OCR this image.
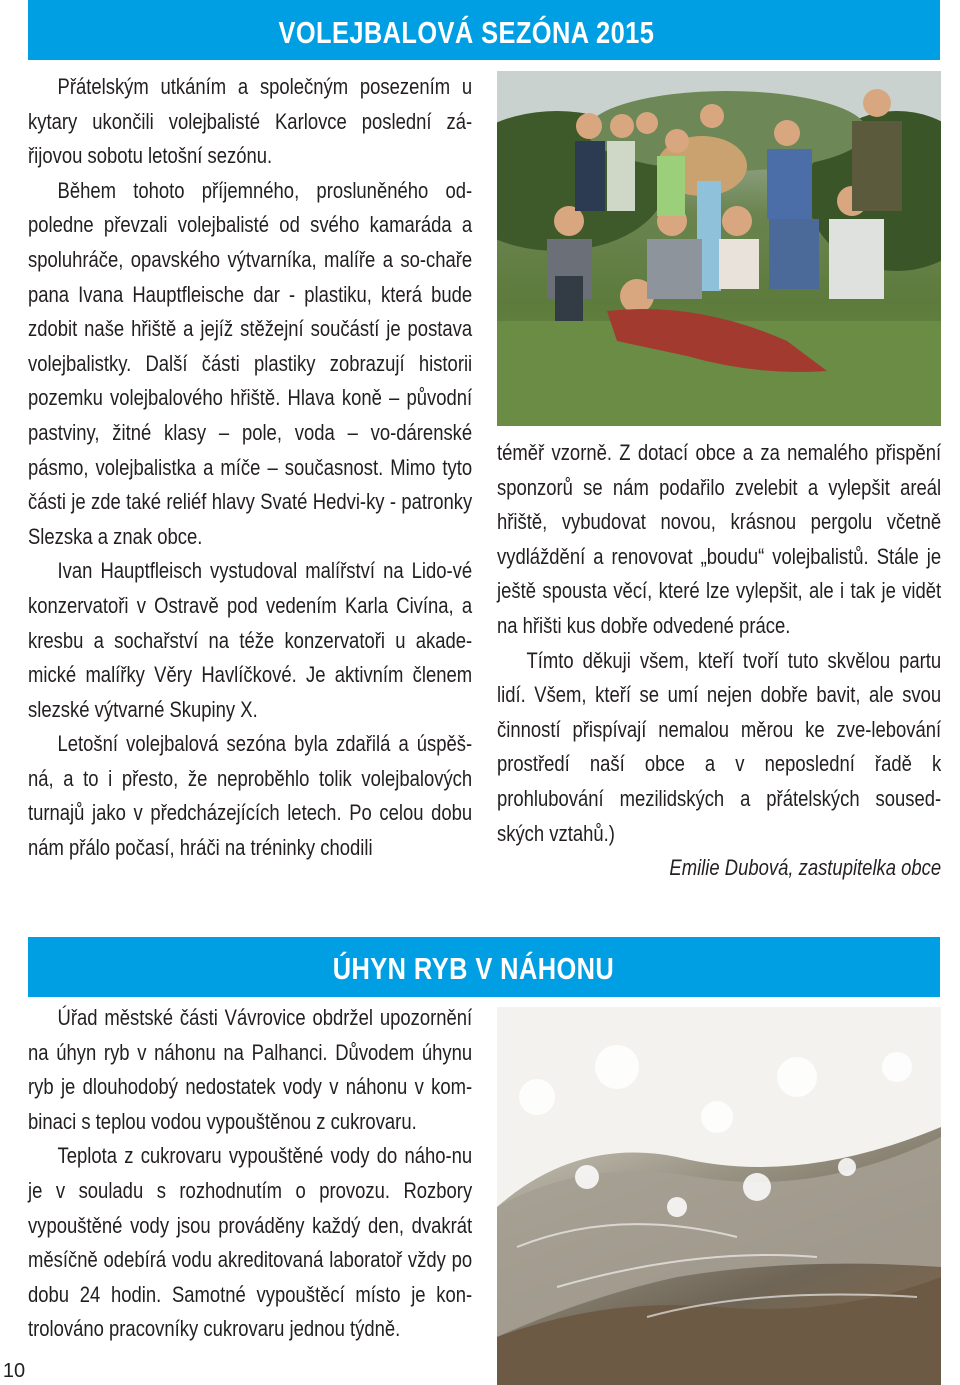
VOLEJBALOVÁ SEZÓNA 2015

Přátelským utkáním a společným posezením u kytary ukončili volejbalisté Karlovce poslední zá-řijovou sobotu letošní sezónu.

Během tohoto příjemného, prosluněného od-poledne převzali volejbalisté od svého kamaráda a spoluhráče, opavského výtvarníka, malíře a so-chaře pana Ivana Hauptfleische dar - plastiku, která bude zdobit naše hřiště a jejíž stěžejní součástí je postava volejbalistky. Další části plastiky zobrazují historii pozemku volejbalového hřiště. Hlava koně – původní pastviny, žitné klasy – pole, voda – vo-dárenské pásmo, volejbalistka a míče – současnost. Mimo tyto části je zde také reliéf hlavy Svaté Hedvi-ky - patronky Slezska a znak obce.

Ivan Hauptfleisch vystudoval malířství na Lido-vé konzervatoři v Ostravě pod vedením Karla Civína, a kresbu a sochařství na téže konzervatoři u akade-mické malířky Věry Havlíčkové. Je aktivním členem slezské výtvarné Skupiny X.

Letošní volejbalová sezóna byla zdařilá a úspěš-ná, a to i přesto, že neproběhlo tolik volejbalových turnajů jako v předcházejících letech. Po celou dobu nám přálo počasí, hráči na tréninky chodili

téměř vzorně. Z dotací obce a za nemalého přispění sponzorů se nám podařilo zvelebit a vylepšit areál hřiště, vybudovat novou, krásnou pergolu včetně vydláždění a renovovat „boudu“ volejbalistů. Stále je ještě spousta věcí, které lze vylepšit, ale i tak je vidět na hřišti kus dobře odvedené práce.

Tímto děkuji všem, kteří tvoří tuto skvělou partu lidí. Všem, kteří se umí nejen dobře bavit, ale svou činností přispívají nemalou měrou ke zve-lebování prostředí naší obce a v neposlední řadě k prohlubování mezilidských a přátelských soused-ských vztahů.)

Emilie Dubová, zastupitelka obce

ÚHYN RYB V NÁHONU

Úřad městské části Vávrovice obdržel upozornění na úhyn ryb v náhonu na Palhanci. Důvodem úhynu ryb je dlouhodobý nedostatek vody v náhonu v kom-binaci s teplou vodou vypouštěnou z cukrovaru.

Teplota z cukrovaru vypouštěné vody do náho-nu je v souladu s rozhodnutím o provozu. Rozbory vypouštěné vody jsou prováděny každý den, dvakrát měsíčně odebírá vodu akreditovaná laboratoř vždy po dobu 24 hodin. Samotné vypouštěcí místo je kon-trolováno pracovníky cukrovaru jednou týdně.

10
